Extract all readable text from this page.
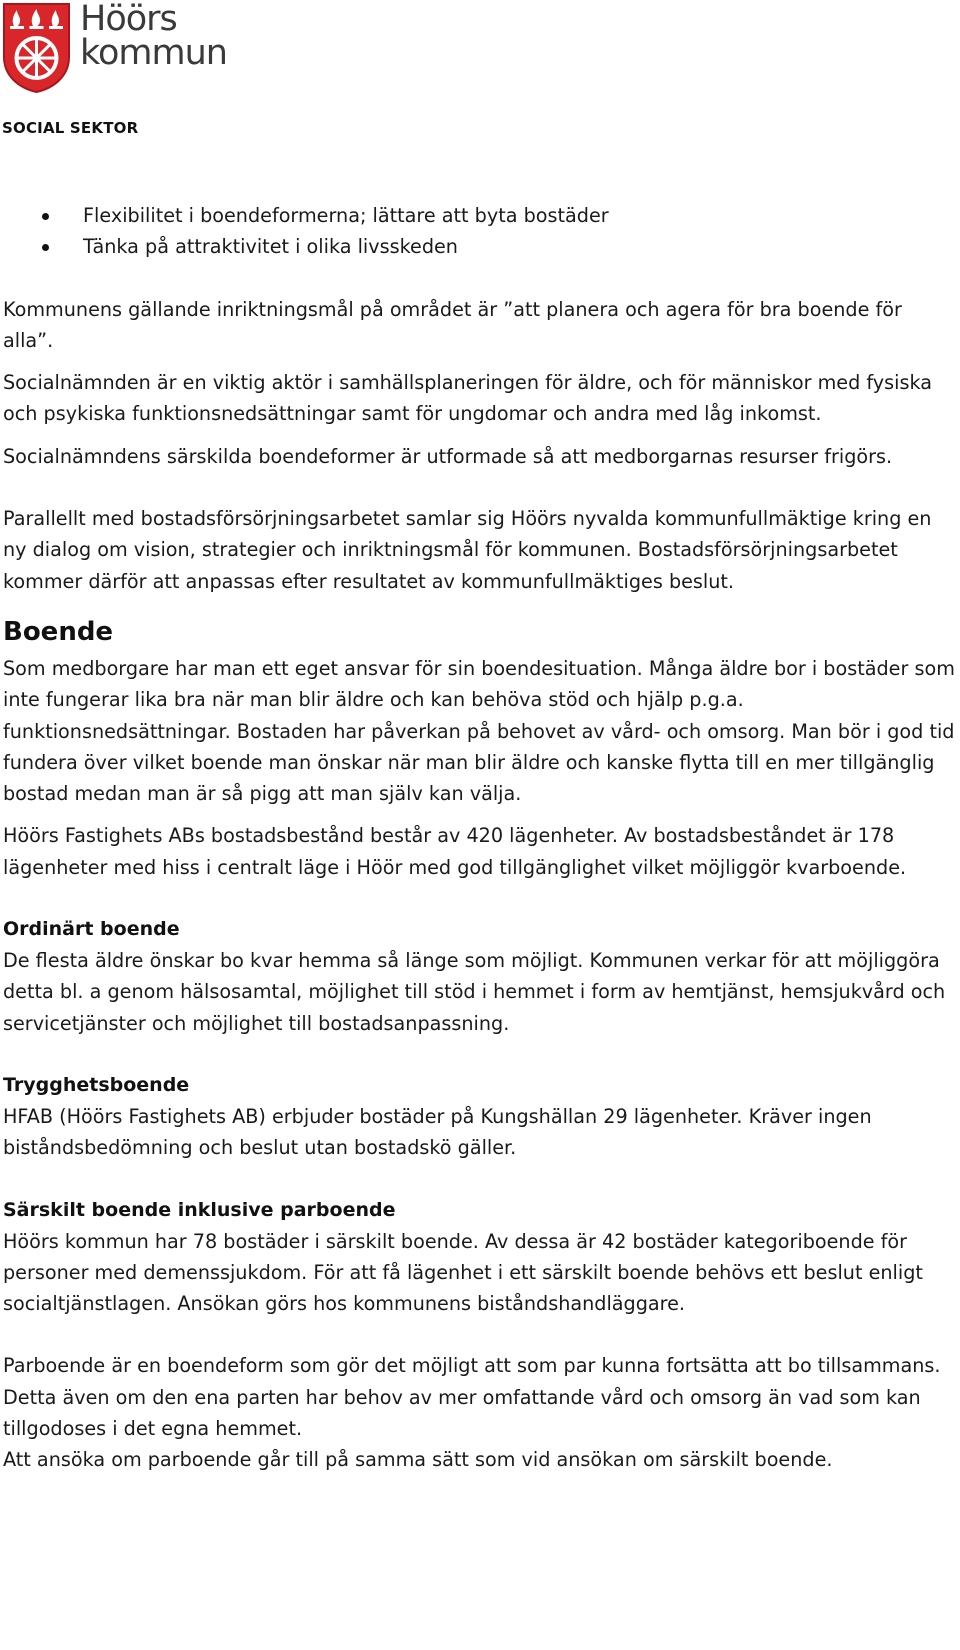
Höörs
kommun
SOCIAL SEKTOR
Flexibilitet i boendeformerna; lättare att byta bostäder
Tänka på attraktivitet i olika livsskeden

Kommunens gällande inriktningsmål på området är ”att planera och agera för bra boende för alla”.

Socialnämnden är en viktig aktör i samhällsplaneringen för äldre, och för människor med fysiska och psykiska funktionsnedsättningar samt för ungdomar och andra med låg inkomst.

Socialnämndens särskilda boendeformer är utformade så att medborgarnas resurser frigörs.

Parallellt med bostadsförsörjningsarbetet samlar sig Höörs nyvalda kommunfullmäktige kring en ny dialog om vision, strategier och inriktningsmål för kommunen. Bostadsförsörjningsarbetet kommer därför att anpassas efter resultatet av kommunfullmäktiges beslut.

Boende

Som medborgare har man ett eget ansvar för sin boendesituation. Många äldre bor i bostäder som inte fungerar lika bra när man blir äldre och kan behöva stöd och hjälp p.g.a. funktionsnedsättningar. Bostaden har påverkan på behovet av vård- och omsorg. Man bör i god tid fundera över vilket boende man önskar när man blir äldre och kanske flytta till en mer tillgänglig bostad medan man är så pigg att man själv kan välja.

Höörs Fastighets ABs bostadsbestånd består av 420 lägenheter. Av bostadsbeståndet är 178 lägenheter med hiss i centralt läge i Höör med god tillgänglighet vilket möjliggör kvarboende.

Ordinärt boende

De flesta äldre önskar bo kvar hemma så länge som möjligt. Kommunen verkar för att möjliggöra detta bl. a genom hälsosamtal, möjlighet till stöd i hemmet i form av hemtjänst, hemsjukvård och servicetjänster och möjlighet till bostadsanpassning.

Trygghetsboende

HFAB (Höörs Fastighets AB) erbjuder bostäder på Kungshällan 29 lägenheter. Kräver ingen biståndsbedömning och beslut utan bostadskö gäller.

Särskilt boende inklusive parboende

Höörs kommun har 78 bostäder i särskilt boende. Av dessa är 42 bostäder kategoriboende för personer med demenssjukdom. För att få lägenhet i ett särskilt boende behövs ett beslut enligt socialtjänstlagen. Ansökan görs hos kommunens biståndshandläggare.

Parboende är en boendeform som gör det möjligt att som par kunna fortsätta att bo tillsammans. Detta även om den ena parten har behov av mer omfattande vård och omsorg än vad som kan tillgodoses i det egna hemmet.

Att ansöka om parboende går till på samma sätt som vid ansökan om särskilt boende.
